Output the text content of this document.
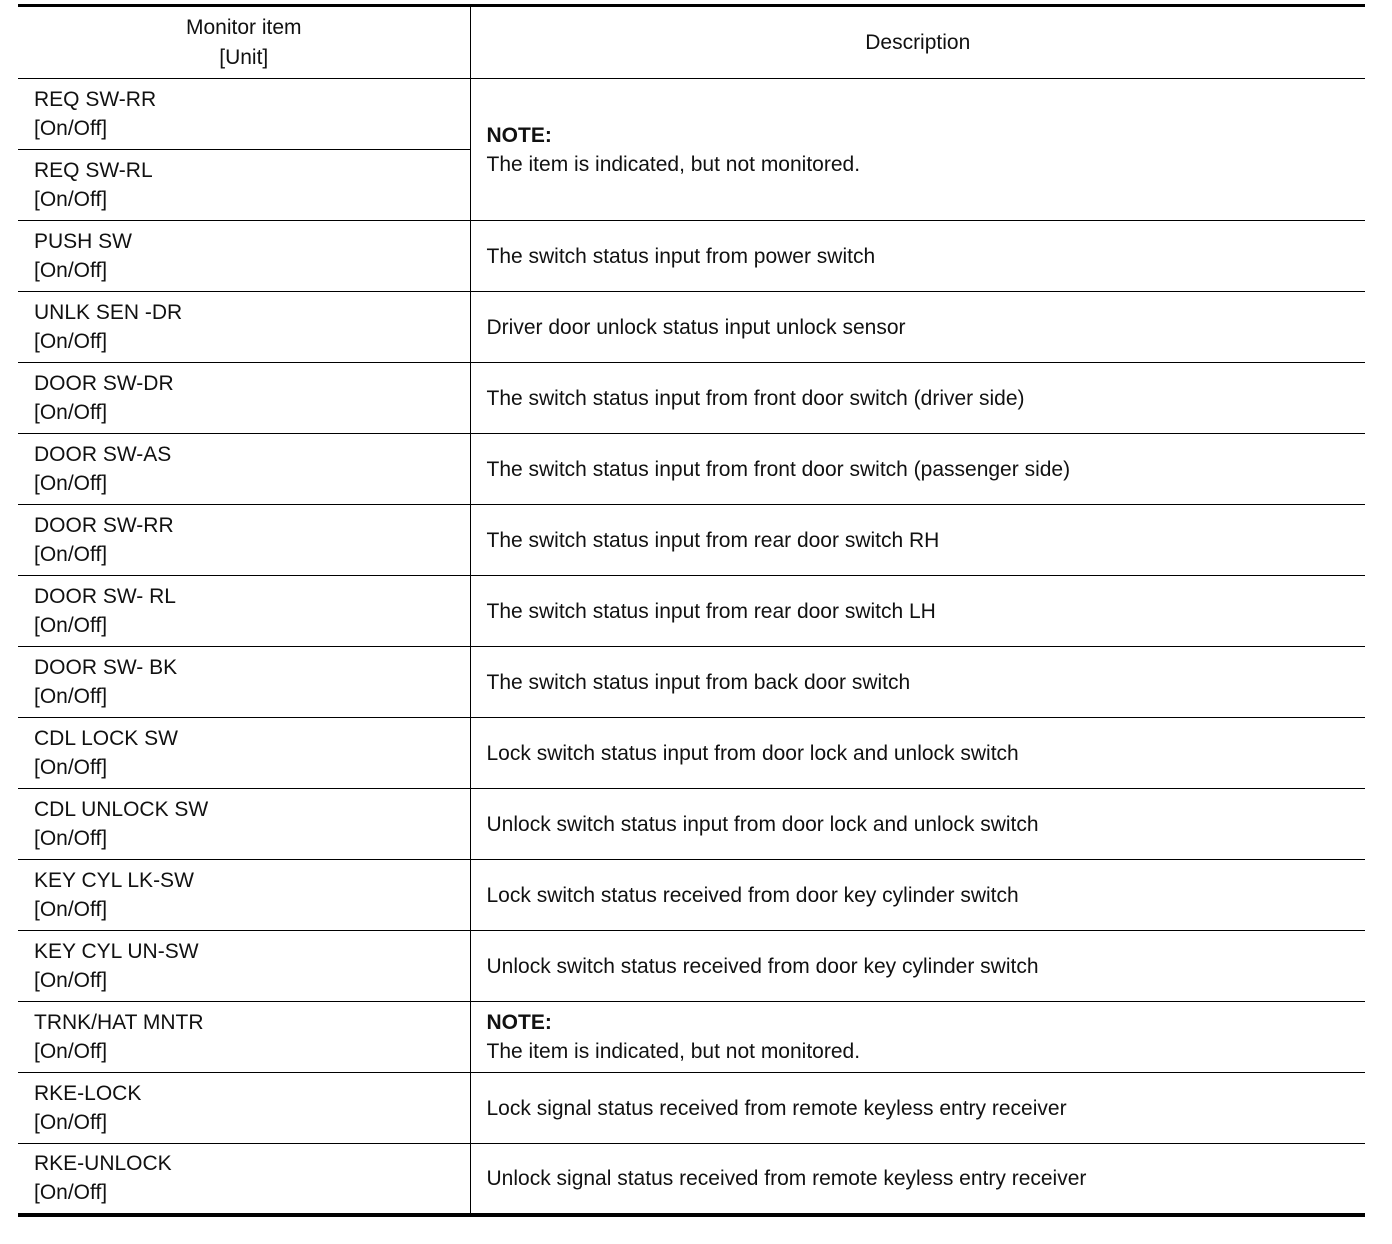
Monitor item
[Unit]	Description

REQ SW-RR
[On/Off]	NOTE:
The item is indicated, but not monitored.

REQ SW-RL
[On/Off]	

PUSH SW
[On/Off]	The switch status input from power switch

UNLK SEN -DR
[On/Off]	Driver door unlock status input unlock sensor

DOOR SW-DR
[On/Off]	The switch status input from front door switch (driver side)

DOOR SW-AS
[On/Off]	The switch status input from front door switch (passenger side)

DOOR SW-RR
[On/Off]	The switch status input from rear door switch RH

DOOR SW- RL
[On/Off]	The switch status input from rear door switch LH

DOOR SW- BK
[On/Off]	The switch status input from back door switch

CDL LOCK SW
[On/Off]	Lock switch status input from door lock and unlock switch

CDL UNLOCK SW
[On/Off]	Unlock switch status input from door lock and unlock switch

KEY CYL LK-SW
[On/Off]	Lock switch status received from door key cylinder switch

KEY CYL UN-SW
[On/Off]	Unlock switch status received from door key cylinder switch

TRNK/HAT MNTR
[On/Off]	NOTE:
The item is indicated, but not monitored.

RKE-LOCK
[On/Off]	Lock signal status received from remote keyless entry receiver

RKE-UNLOCK
[On/Off]	Unlock signal status received from remote keyless entry receiver
